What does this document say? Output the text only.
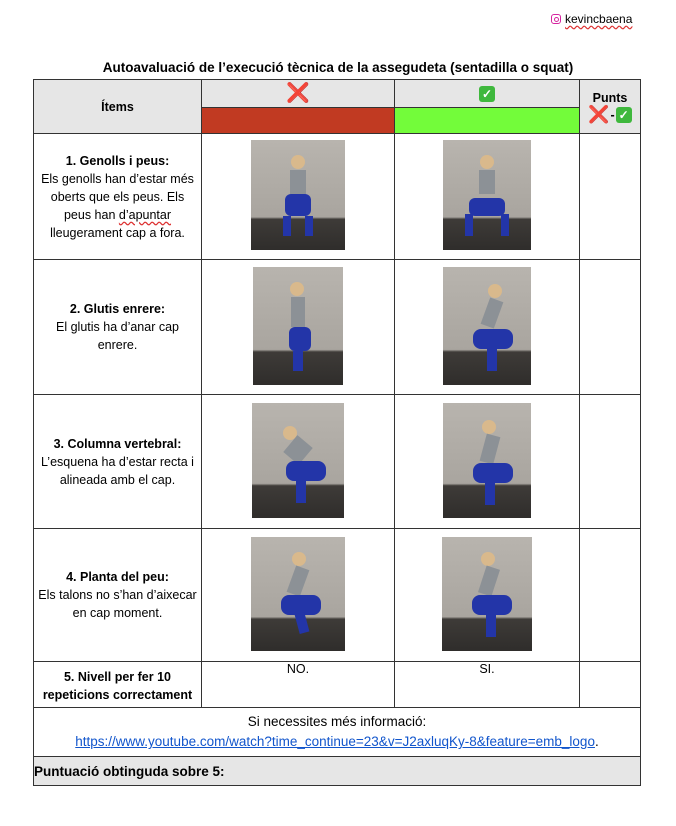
kevincbaena
Autoavaluació de l’execució tècnica de la assegudeta (sentadilla o squat)
Ítems	❌	✓	Punts
❌ - ✓

1. Genolls i peus:
Els genolls han d’estar més oberts que els peus. Els peus han d’apuntar lleugerament cap a fora.

2. Glutis enrere:
El glutis ha d’anar cap enrere.

3. Columna vertebral:
L’esquena ha d’estar recta i alineada amb el cap.

4. Planta del peu:
Els talons no s’han d’aixecar en cap moment.

5. Nivell per fer 10 repeticions correctament	NO.	SI.	

Si necessites més informació:
https://www.youtube.com/watch?time_continue=23&v=J2axluqKy-8&feature=emb_logo.			

Puntuació obtinguda sobre 5:			
